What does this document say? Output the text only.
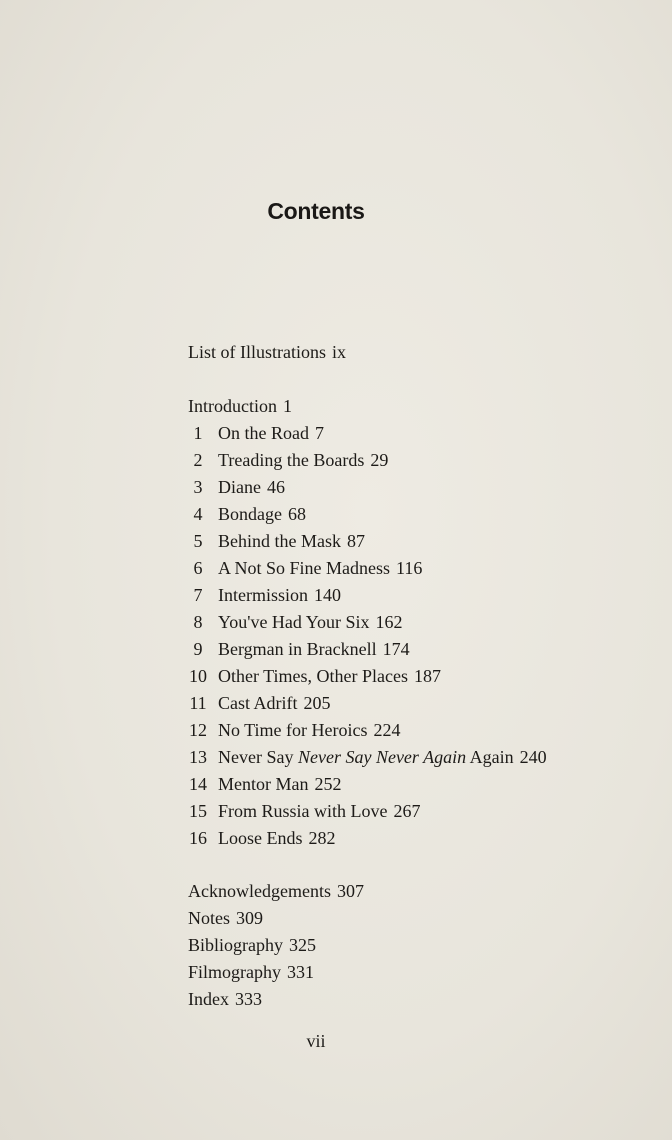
Contents
List of Illustrations ix
Introduction 1
1 On the Road 7
2 Treading the Boards 29
3 Diane 46
4 Bondage 68
5 Behind the Mask 87
6 A Not So Fine Madness 116
7 Intermission 140
8 You've Had Your Six 162
9 Bergman in Bracknell 174
10 Other Times, Other Places 187
11 Cast Adrift 205
12 No Time for Heroics 224
13 Never Say Never Say Never Again Again 240
14 Mentor Man 252
15 From Russia with Love 267
16 Loose Ends 282
Acknowledgements 307
Notes 309
Bibliography 325
Filmography 331
Index 333
vii
